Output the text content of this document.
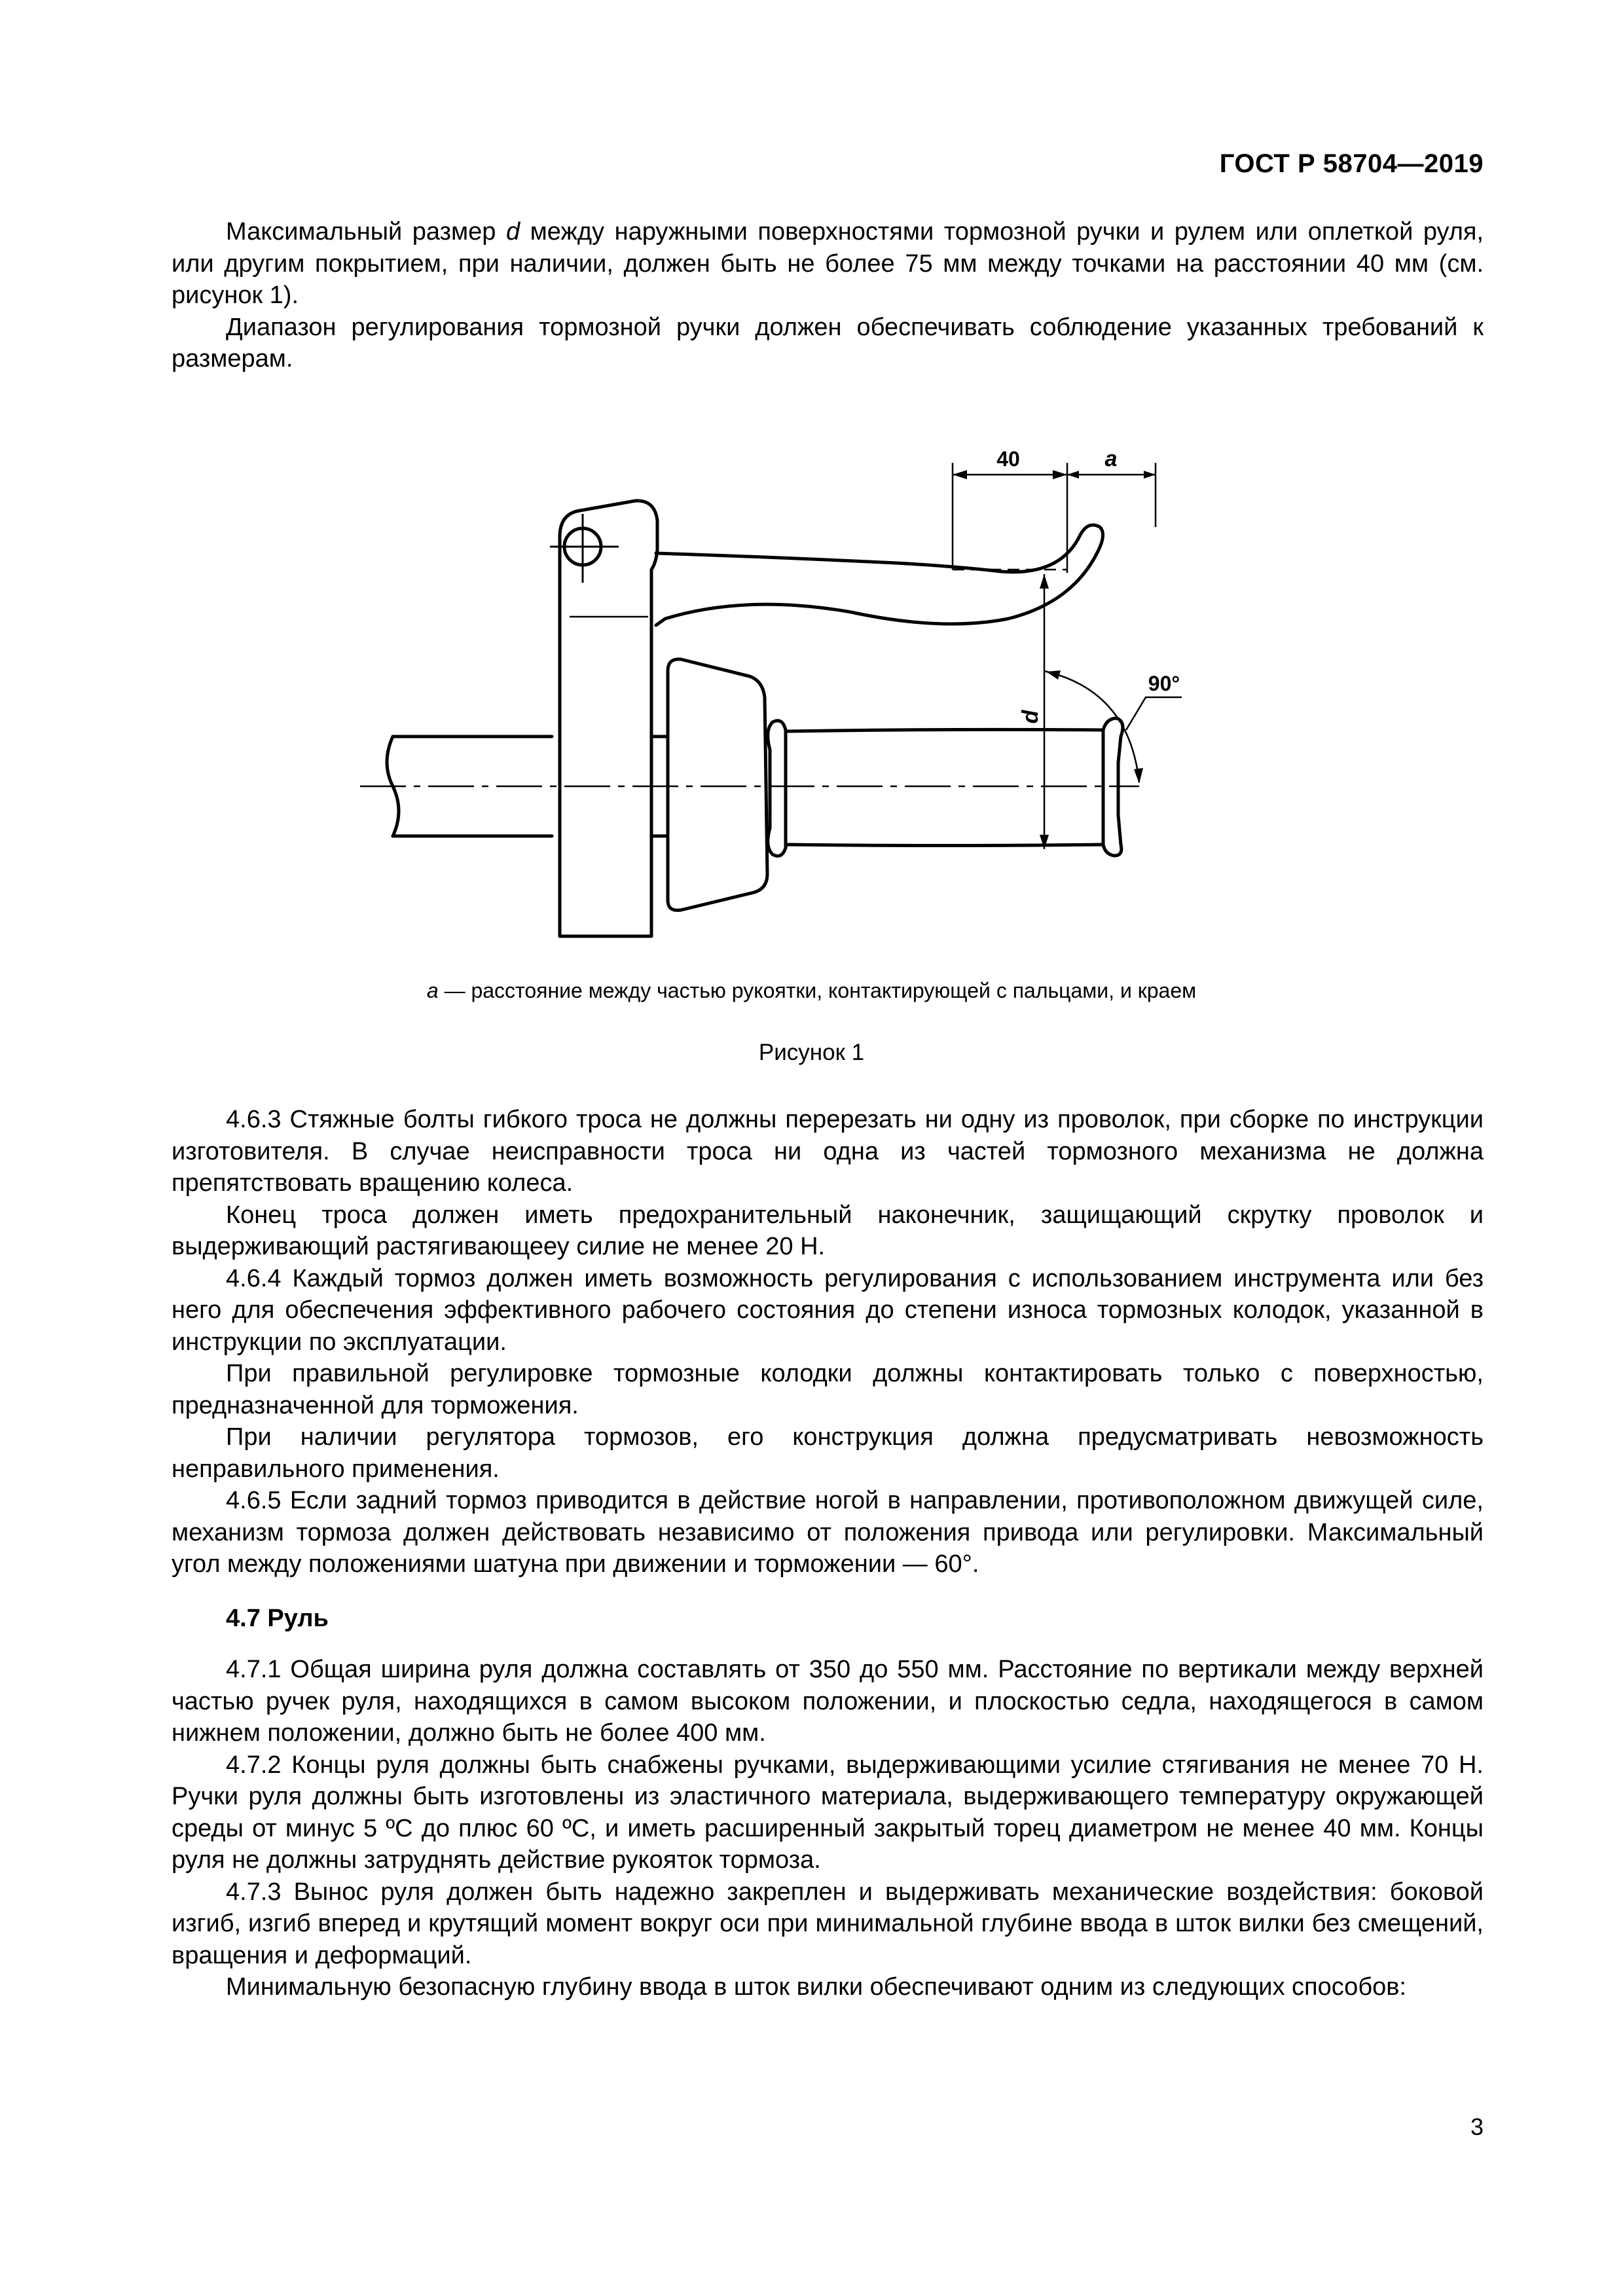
ГОСТ Р 58704—2019

Максимальный размер d между наружными поверхностями тормозной ручки и рулем или оплеткой руля, или другим покрытием, при наличии, должен быть не более 75 мм между точками на расстоянии 40 мм (см. рисунок 1).

Диапазон регулирования тормозной ручки должен обеспечивать соблюдение указанных требований к размерам.

40	a
d
90°
a — расстояние между частью рукоятки, контактирующей с пальцами, и краем
Рисунок 1

4.6.3 Стяжные болты гибкого троса не должны перерезать ни одну из проволок, при сборке по инструкции изготовителя. В случае неисправности троса ни одна из частей тормозного механизма не должна препятствовать вращению колеса.

Конец троса должен иметь предохранительный наконечник, защищающий скрутку проволок и выдерживающий растягивающееу силие не менее 20 Н.

4.6.4 Каждый тормоз должен иметь возможность регулирования с использованием инструмента или без него для обеспечения эффективного рабочего состояния до степени износа тормозных колодок, указанной в инструкции по эксплуатации.

При правильной регулировке тормозные колодки должны контактировать только с поверхностью, предназначенной для торможения.

При наличии регулятора тормозов, его конструкция должна предусматривать невозможность неправильного применения.

4.6.5 Если задний тормоз приводится в действие ногой в направлении, противоположном движущей силе, механизм тормоза должен действовать независимо от положения привода или регулировки. Максимальный угол между положениями шатуна при движении и торможении — 60°.

4.7 Руль

4.7.1 Общая ширина руля должна составлять от 350 до 550 мм. Расстояние по вертикали между верхней частью ручек руля, находящихся в самом высоком положении, и плоскостью седла, находящегося в самом нижнем положении, должно быть не более 400 мм.

4.7.2 Концы руля должны быть снабжены ручками, выдерживающими усилие стягивания не менее 70 Н. Ручки руля должны быть изготовлены из эластичного материала, выдерживающего температуру окружающей среды от минус 5 ºС до плюс 60 ºС, и иметь расширенный закрытый торец диаметром не менее 40 мм. Концы руля не должны затруднять действие рукояток тормоза.

4.7.3 Вынос руля должен быть надежно закреплен и выдерживать механические воздействия: боковой изгиб, изгиб вперед и крутящий момент вокруг оси при минимальной глубине ввода в шток вилки без смещений, вращения и деформаций.

Минимальную безопасную глубину ввода в шток вилки обеспечивают одним из следующих способов:

3
